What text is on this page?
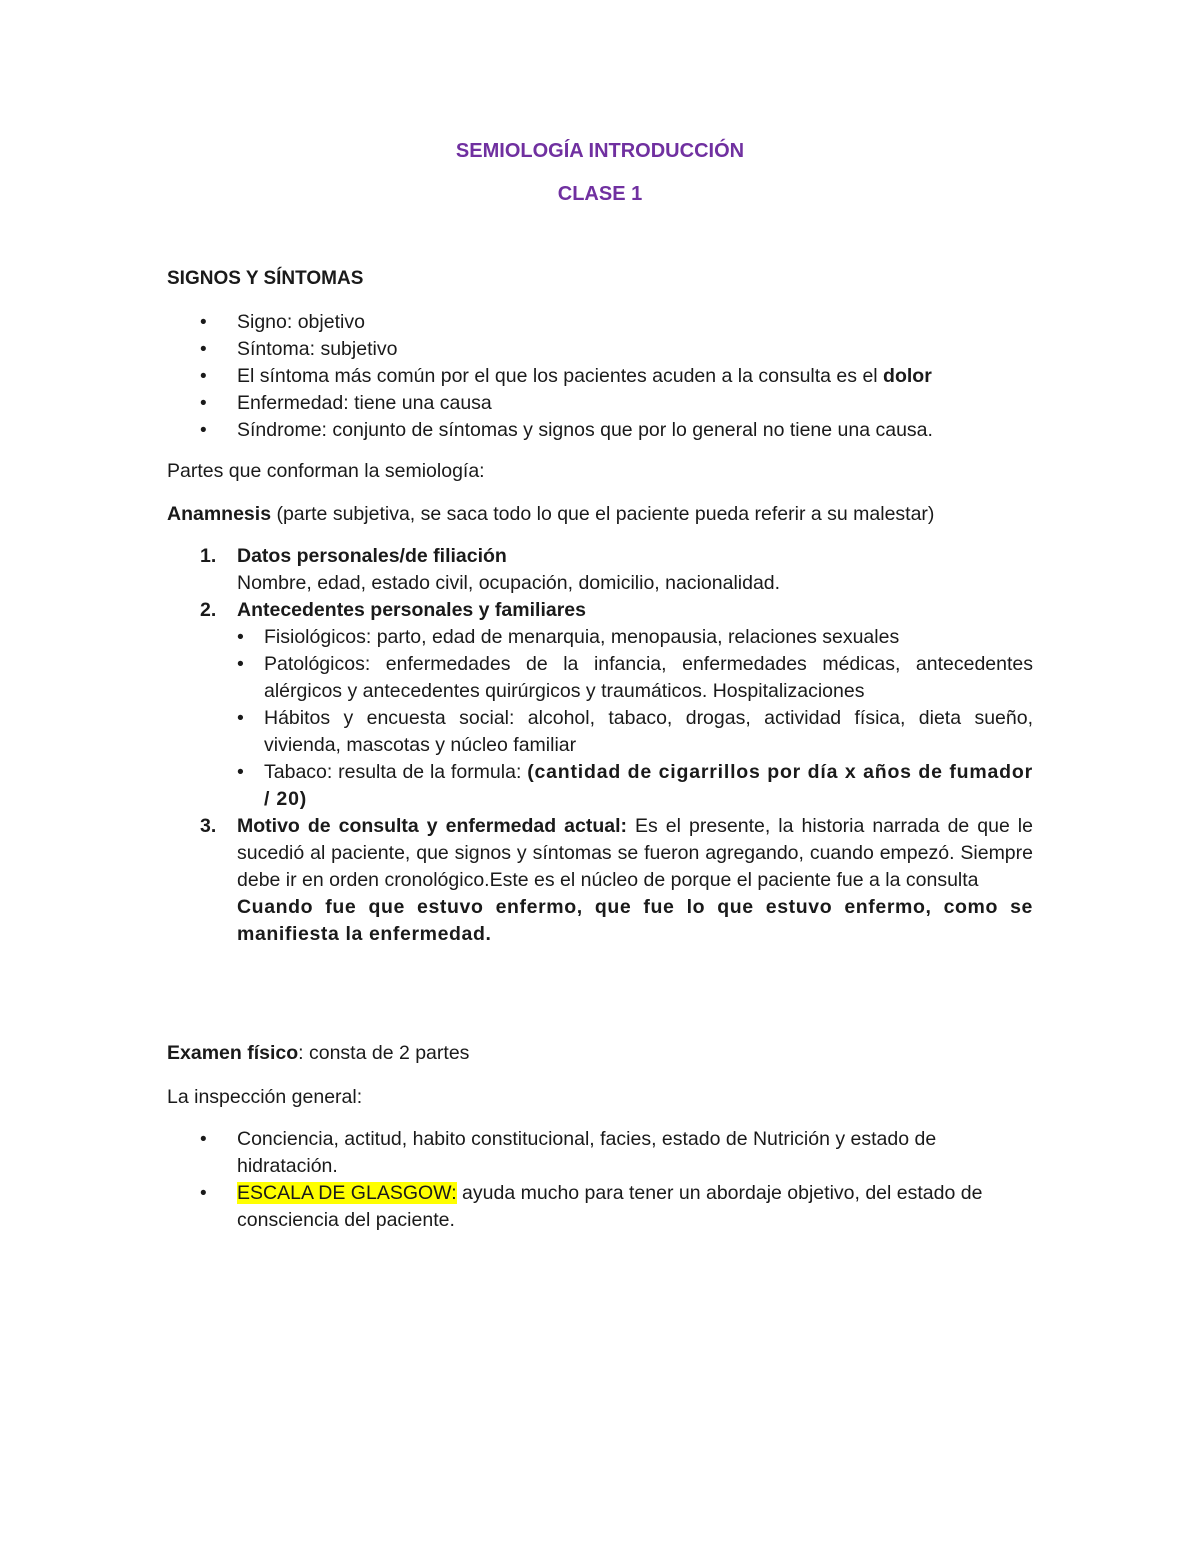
SEMIOLOGÍA INTRODUCCIÓN
CLASE 1
SIGNOS Y SÍNTOMAS
• Signo: objetivo
• Síntoma: subjetivo
• El síntoma más común por el que los pacientes acuden a la consulta es el dolor
• Enfermedad: tiene una causa
• Síndrome: conjunto de síntomas y signos que por lo general no tiene una causa.

Partes que conforman la semiología:

Anamnesis (parte subjetiva, se saca todo lo que el paciente pueda referir a su malestar)

1. Datos personales/de filiación
Nombre, edad, estado civil, ocupación, domicilio, nacionalidad.
2. Antecedentes personales y familiares
• Fisiológicos: parto, edad de menarquia, menopausia, relaciones sexuales
• Patológicos: enfermedades de la infancia, enfermedades médicas, antecedentes alérgicos y antecedentes quirúrgicos y traumáticos. Hospitalizaciones
• Hábitos y encuesta social: alcohol, tabaco, drogas, actividad física, dieta sueño, vivienda, mascotas y núcleo familiar
• Tabaco: resulta de la formula: (cantidad de cigarrillos por día x años de fumador / 20)
3. Motivo de consulta y enfermedad actual: Es el presente, la historia narrada de que le sucedió al paciente, que signos y síntomas se fueron agregando, cuando empezó. Siempre debe ir en orden cronológico.Este es el núcleo de porque el paciente fue a la consulta
Cuando fue que estuvo enfermo, que fue lo que estuvo enfermo, como se manifiesta la enfermedad.

Examen físico: consta de 2 partes

La inspección general:

• Conciencia, actitud, habito constitucional, facies, estado de Nutrición y estado de hidratación.
• ESCALA DE GLASGOW: ayuda mucho para tener un abordaje objetivo, del estado de consciencia del paciente.
